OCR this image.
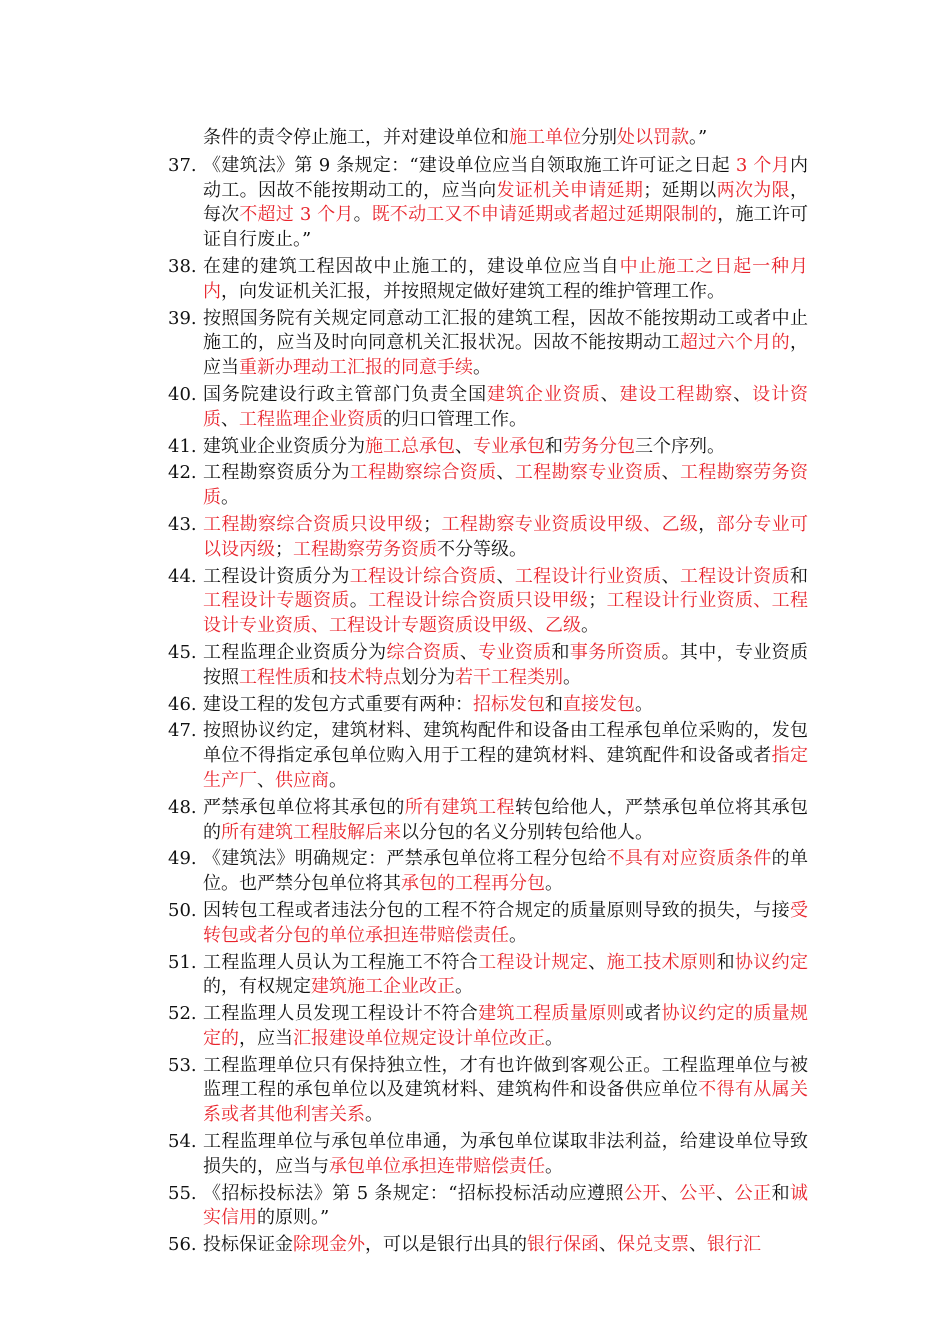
条件的责令停止施工，并对建设单位和施工单位分别处以罚款。”
37. 《建筑法》第 9 条规定：“建设单位应当自领取施工许可证之日起 3 个月内动工。因故不能按期动工的，应当向发证机关申请延期；延期以两次为限，每次不超过 3 个月。既不动工又不申请延期或者超过延期限制的，施工许可证自行废止。”
38. 在建的建筑工程因故中止施工的，建设单位应当自中止施工之日起一种月内，向发证机关汇报，并按照规定做好建筑工程的维护管理工作。
39. 按照国务院有关规定同意动工汇报的建筑工程，因故不能按期动工或者中止施工的，应当及时向同意机关汇报状况。因故不能按期动工超过六个月的，应当重新办理动工汇报的同意手续。
40. 国务院建设行政主管部门负责全国建筑企业资质、建设工程勘察、设计资质、工程监理企业资质的归口管理工作。
41. 建筑业企业资质分为施工总承包、专业承包和劳务分包三个序列。
42. 工程勘察资质分为工程勘察综合资质、工程勘察专业资质、工程勘察劳务资质。
43. 工程勘察综合资质只设甲级；工程勘察专业资质设甲级、乙级，部分专业可以设丙级；工程勘察劳务资质不分等级。
44. 工程设计资质分为工程设计综合资质、工程设计行业资质、工程设计资质和工程设计专题资质。工程设计综合资质只设甲级；工程设计行业资质、工程设计专业资质、工程设计专题资质设甲级、乙级。
45. 工程监理企业资质分为综合资质、专业资质和事务所资质。其中，专业资质按照工程性质和技术特点划分为若干工程类别。
46. 建设工程的发包方式重要有两种：招标发包和直接发包。
47. 按照协议约定，建筑材料、建筑构配件和设备由工程承包单位采购的，发包单位不得指定承包单位购入用于工程的建筑材料、建筑配件和设备或者指定生产厂、供应商。
48. 严禁承包单位将其承包的所有建筑工程转包给他人，严禁承包单位将其承包的所有建筑工程肢解后来以分包的名义分别转包给他人。
49. 《建筑法》明确规定：严禁承包单位将工程分包给不具有对应资质条件的单位。也严禁分包单位将其承包的工程再分包。
50. 因转包工程或者违法分包的工程不符合规定的质量原则导致的损失，与接受转包或者分包的单位承担连带赔偿责任。
51. 工程监理人员认为工程施工不符合工程设计规定、施工技术原则和协议约定的，有权规定建筑施工企业改正。
52. 工程监理人员发现工程设计不符合建筑工程质量原则或者协议约定的质量规定的，应当汇报建设单位规定设计单位改正。
53. 工程监理单位只有保持独立性，才有也许做到客观公正。工程监理单位与被监理工程的承包单位以及建筑材料、建筑构件和设备供应单位不得有从属关系或者其他利害关系。
54. 工程监理单位与承包单位串通，为承包单位谋取非法利益，给建设单位导致损失的，应当与承包单位承担连带赔偿责任。
55. 《招标投标法》第 5 条规定：“招标投标活动应遵照公开、公平、公正和诚实信用的原则。”
56. 投标保证金除现金外，可以是银行出具的银行保函、保兑支票、银行汇
